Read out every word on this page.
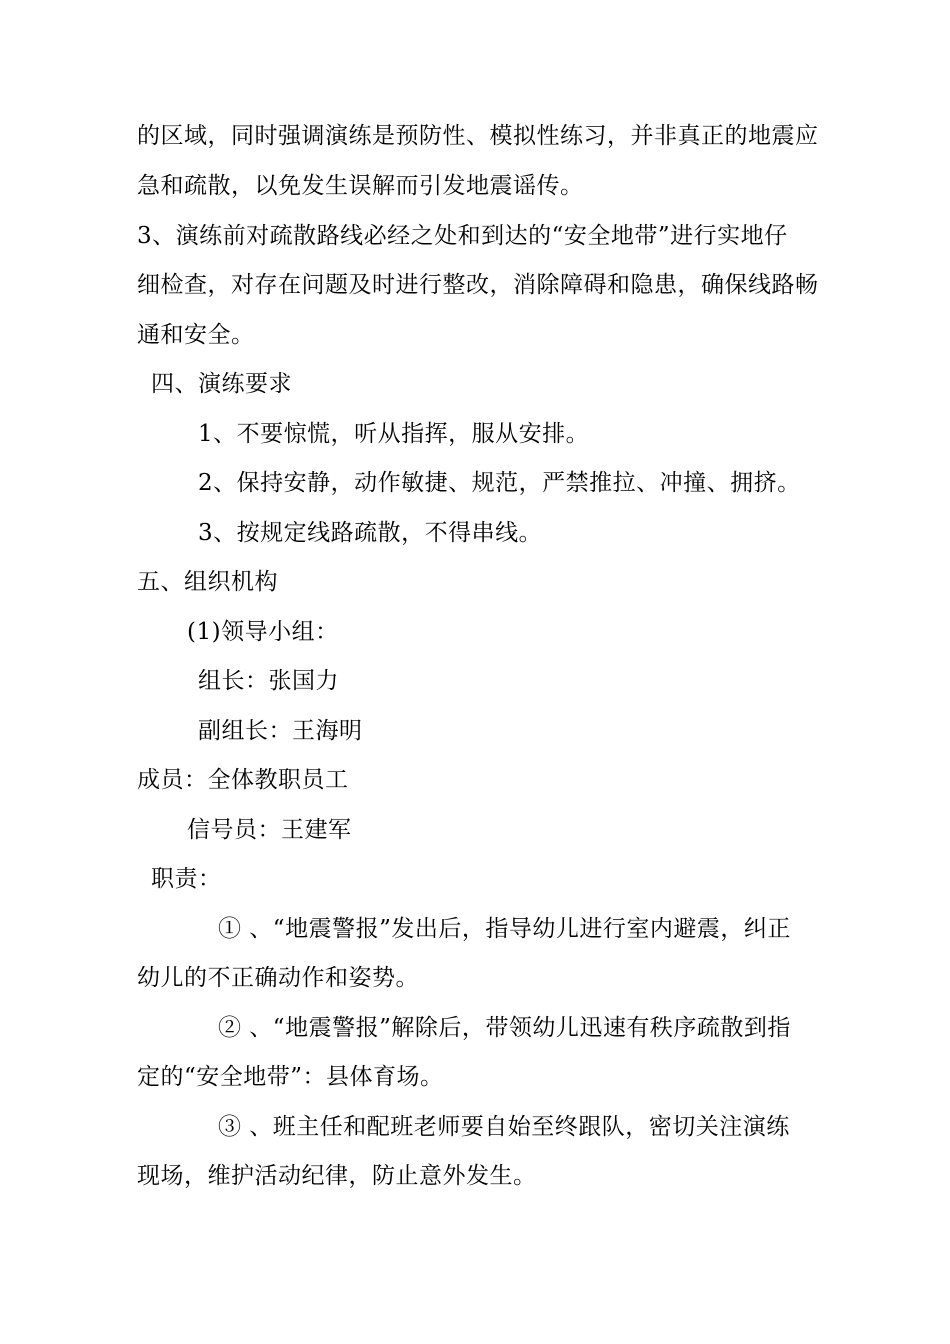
的区域，同时强调演练是预防性、模拟性练习，并非真正的地震应
急和疏散，以免发生误解而引发地震谣传。
3、演练前对疏散路线必经之处和到达的“安全地带”进行实地仔
细检查，对存在问题及时进行整改，消除障碍和隐患，确保线路畅
通和安全。
四、演练要求
1、不要惊慌，听从指挥，服从安排。
2、保持安静，动作敏捷、规范，严禁推拉、冲撞、拥挤。
3、按规定线路疏散，不得串线。
五、组织机构
(1)领导小组：
组长：张国力
副组长：王海明
成员：全体教职员工
信号员：王建军
职责：
① 、“地震警报”发出后，指导幼儿进行室内避震，纠正
幼儿的不正确动作和姿势。
② 、“地震警报”解除后，带领幼儿迅速有秩序疏散到指
定的“安全地带”：县体育场。
③ 、班主任和配班老师要自始至终跟队，密切关注演练
现场，维护活动纪律，防止意外发生。
